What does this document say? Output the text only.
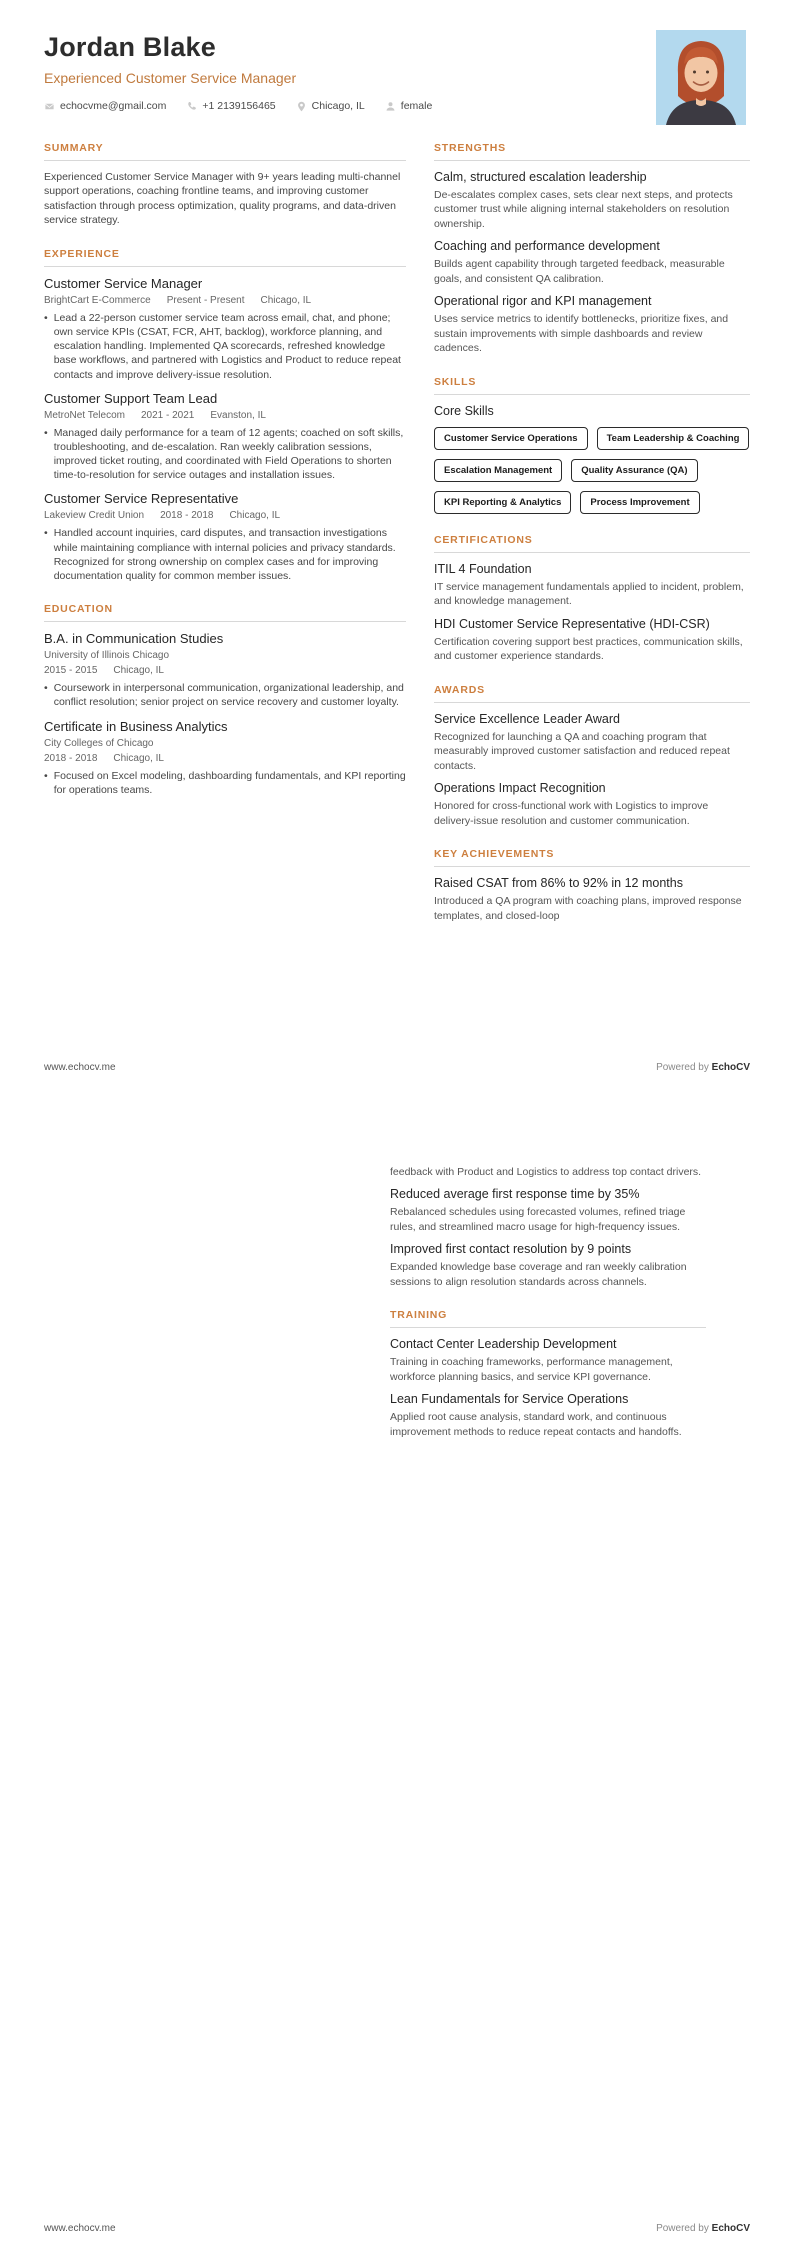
Jordan Blake
Experienced Customer Service Manager
echocvme@gmail.com	+1 2139156465	Chicago, IL	female
SUMMARY
Experienced Customer Service Manager with 9+ years leading multi-channel support operations, coaching frontline teams, and improving customer satisfaction through process optimization, quality programs, and data-driven service strategy.
EXPERIENCE
Customer Service Manager
BrightCart E-Commerce Present - Present Chicago, IL
• Lead a 22-person customer service team across email, chat, and phone; own service KPIs (CSAT, FCR, AHT, backlog), workforce planning, and escalation handling. Implemented QA scorecards, refreshed knowledge base workflows, and partnered with Logistics and Product to reduce repeat contacts and improve delivery-issue resolution.
Customer Support Team Lead
MetroNet Telecom 2021 - 2021 Evanston, IL
• Managed daily performance for a team of 12 agents; coached on soft skills, troubleshooting, and de-escalation. Ran weekly calibration sessions, improved ticket routing, and coordinated with Field Operations to shorten time-to-resolution for service outages and installation issues.
Customer Service Representative
Lakeview Credit Union 2018 - 2018 Chicago, IL
• Handled account inquiries, card disputes, and transaction investigations while maintaining compliance with internal policies and privacy standards. Recognized for strong ownership on complex cases and for improving documentation quality for common member issues.
EDUCATION
B.A. in Communication Studies
University of Illinois Chicago
2015 - 2015 Chicago, IL
• Coursework in interpersonal communication, organizational leadership, and conflict resolution; senior project on service recovery and customer loyalty.
Certificate in Business Analytics
City Colleges of Chicago
2018 - 2018 Chicago, IL
• Focused on Excel modeling, dashboarding fundamentals, and KPI reporting for operations teams.
STRENGTHS
Calm, structured escalation leadership
De-escalates complex cases, sets clear next steps, and protects customer trust while aligning internal stakeholders on resolution ownership.
Coaching and performance development
Builds agent capability through targeted feedback, measurable goals, and consistent QA calibration.
Operational rigor and KPI management
Uses service metrics to identify bottlenecks, prioritize fixes, and sustain improvements with simple dashboards and review cadences.
SKILLS
Core Skills
Customer Service Operations	Team Leadership & Coaching
Escalation Management	Quality Assurance (QA)
KPI Reporting & Analytics	Process Improvement
CERTIFICATIONS
ITIL 4 Foundation
IT service management fundamentals applied to incident, problem, and knowledge management.
HDI Customer Service Representative (HDI-CSR)
Certification covering support best practices, communication skills, and customer experience standards.
AWARDS
Service Excellence Leader Award
Recognized for launching a QA and coaching program that measurably improved customer satisfaction and reduced repeat contacts.
Operations Impact Recognition
Honored for cross-functional work with Logistics to improve delivery-issue resolution and customer communication.
KEY ACHIEVEMENTS
Raised CSAT from 86% to 92% in 12 months
Introduced a QA program with coaching plans, improved response templates, and closed-loop
www.echocv.me	Powered by EchoCV
feedback with Product and Logistics to address top contact drivers.
Reduced average first response time by 35%
Rebalanced schedules using forecasted volumes, refined triage rules, and streamlined macro usage for high-frequency issues.
Improved first contact resolution by 9 points
Expanded knowledge base coverage and ran weekly calibration sessions to align resolution standards across channels.
TRAINING
Contact Center Leadership Development
Training in coaching frameworks, performance management, workforce planning basics, and service KPI governance.
Lean Fundamentals for Service Operations
Applied root cause analysis, standard work, and continuous improvement methods to reduce repeat contacts and handoffs.
www.echocv.me	Powered by EchoCV
